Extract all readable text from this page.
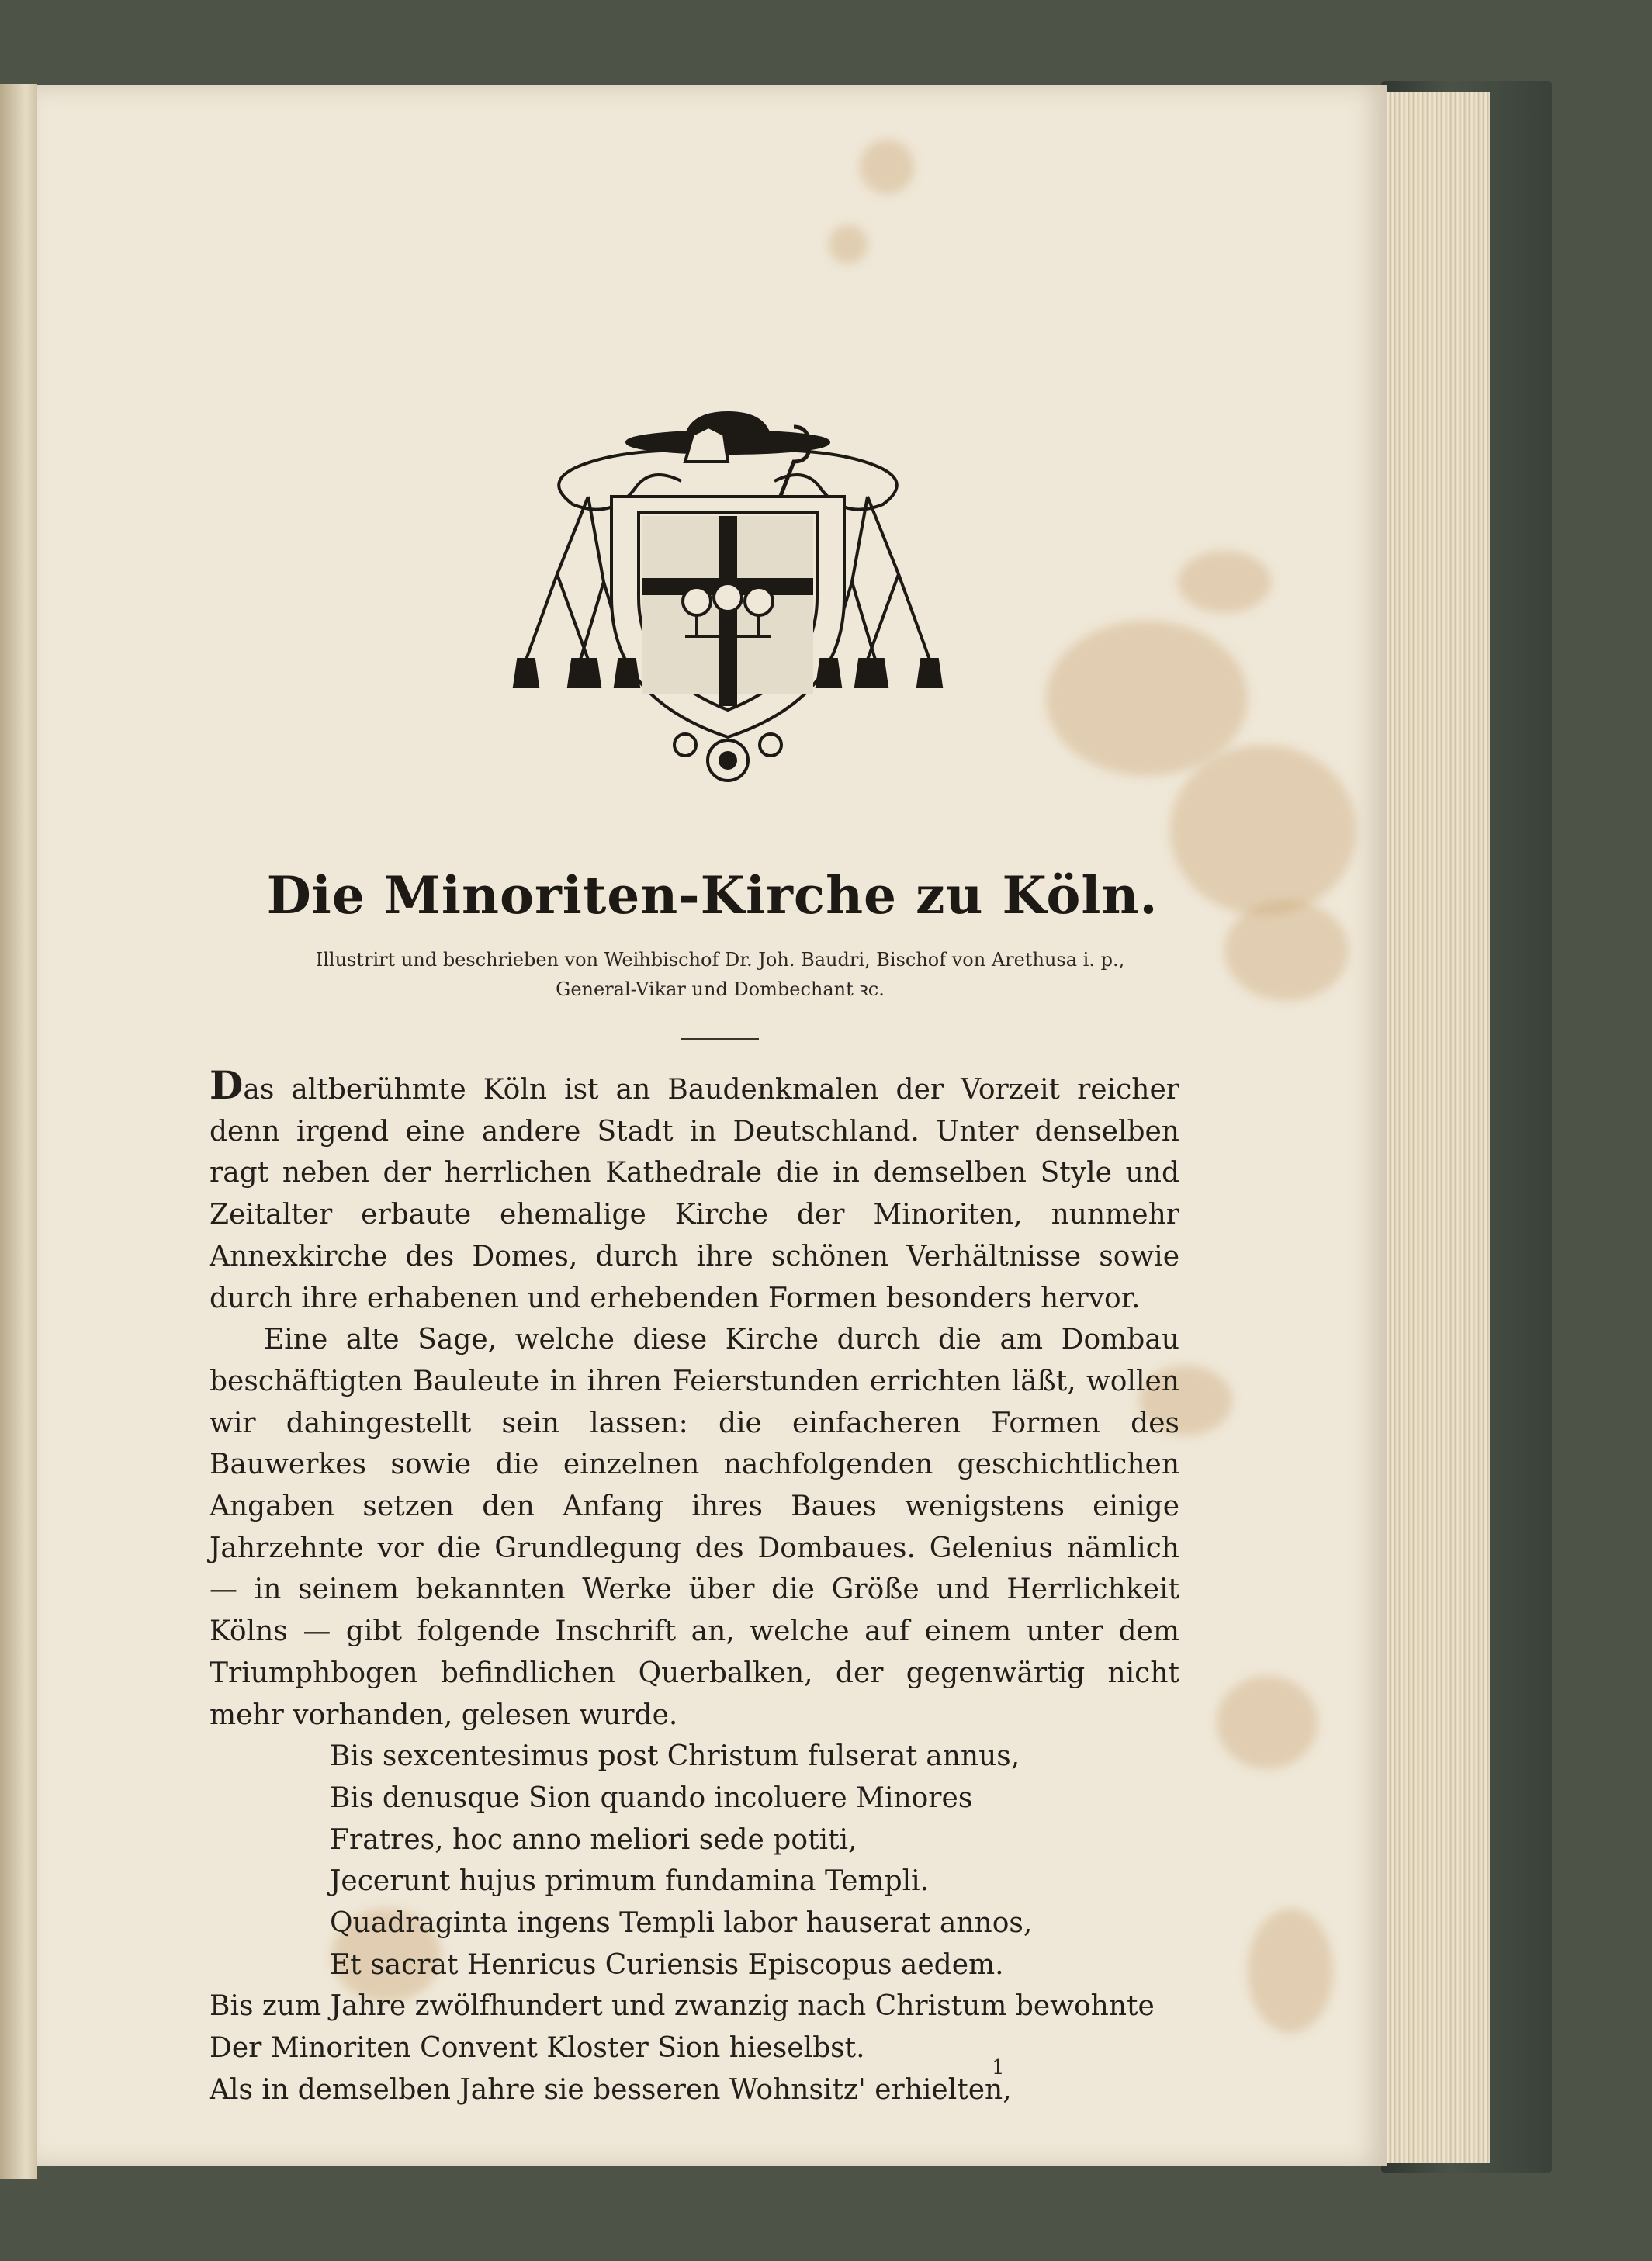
Die Minoriten-Kirche zu Köln.
Illustrirt und beschrieben von Weihbischof Dr. Joh. Baudri, Bischof von Arethusa i. p.,
General-Vikar und Dombechant ꝛc.

Das altberühmte Köln ist an Baudenkmalen der Vorzeit reicher denn irgend eine andere Stadt in Deutschland. Unter denselben ragt neben der herrlichen Kathedrale die in demselben Style und Zeitalter erbaute ehemalige Kirche der Minoriten, nunmehr Annexkirche des Domes, durch ihre schönen Verhältnisse sowie durch ihre erhabenen und erhebenden Formen besonders hervor.

Eine alte Sage, welche diese Kirche durch die am Dombau beschäftigten Bauleute in ihren Feierstunden errichten läßt, wollen wir dahingestellt sein lassen: die einfacheren Formen des Bauwerkes sowie die einzelnen nachfolgenden geschichtlichen Angaben setzen den Anfang ihres Baues wenigstens einige Jahrzehnte vor die Grundlegung des Dombaues. Gelenius nämlich — in seinem bekannten Werke über die Größe und Herrlichkeit Kölns — gibt folgende Inschrift an, welche auf einem unter dem Triumphbogen befindlichen Querbalken, der gegenwärtig nicht mehr vorhanden, gelesen wurde.

Bis sexcentesimus post Christum fulserat annus,
Bis denusque Sion quando incoluere Minores
Fratres, hoc anno meliori sede potiti,
Jecerunt hujus primum fundamina Templi.
Quadraginta ingens Templi labor hauserat annos,
Et sacrat Henricus Curiensis Episcopus aedem.
Bis zum Jahre zwölfhundert und zwanzig nach Christum bewohnte
Der Minoriten Convent Kloster Sion hieselbst.
Als in demselben Jahre sie besseren Wohnsitz' erhielten,
1
